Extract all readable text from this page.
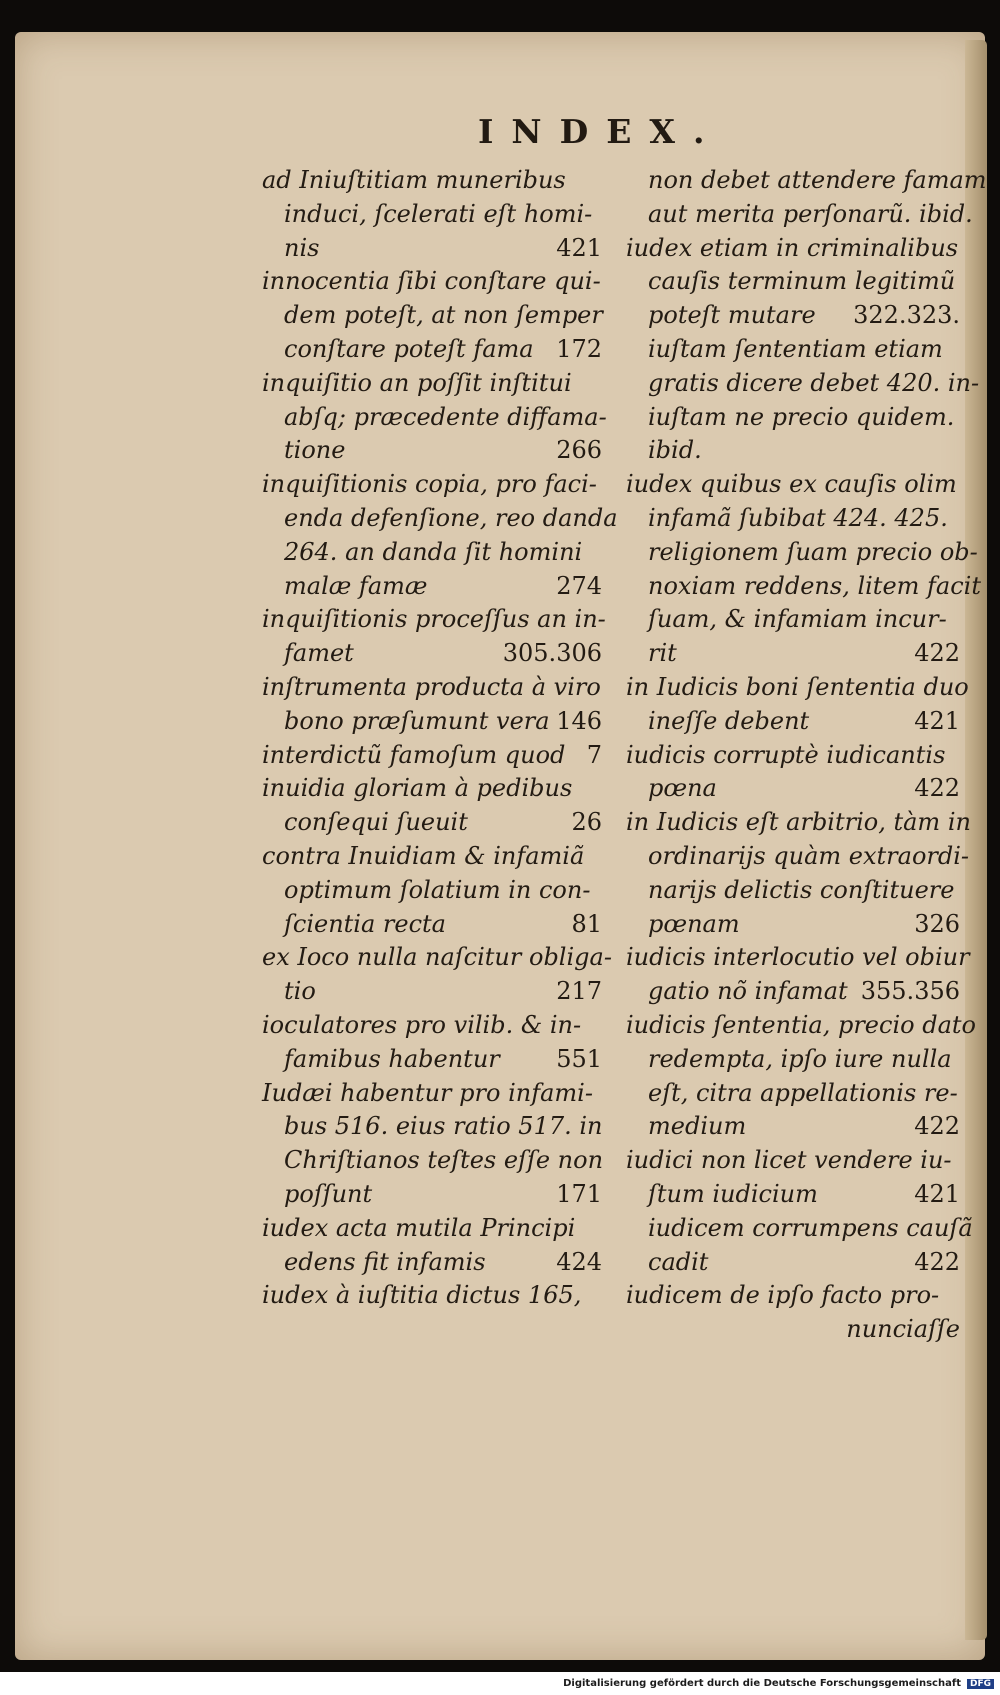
INDEX.
ad Iniuſtitiam muneribus
induci, ſcelerati eſt homi-
nis	421
innocentia ſibi conſtare qui-
dem poteſt, at non ſemper
conſtare poteſt fama 172
inquiſitio an poſſit inſtitui
abſq; præcedente diffama-
tione	266
inquiſitionis copia, pro faci-
enda defenſione, reo danda
264. an danda ſit homini
malæ famæ	274
inquiſitionis proceſſus an in-
famet	305.306
inſtrumenta producta à viro
bono præſumunt vera 146
interdictũ famoſum quod 7
inuidia gloriam à pedibus
conſequi ſueuit	26
contra Inuidiam & infamiã
optimum ſolatium in con-
ſcientia recta	81
ex Ioco nulla naſcitur obliga-
tio	217
ioculatores pro vilib. & in-
famibus habentur 551
Iudæi habentur pro infami-
bus 516. eius ratio 517. in
Chriſtianos teſtes eſſe non
poſſunt	171
iudex acta mutila Principi
edens fit infamis	424
iudex à iuſtitia dictus 165,
non debet attendere famam
aut merita perſonarũ. ibid.
iudex etiam in criminalibus
cauſis terminum legitimũ
poteſt mutare 322.323.
iuſtam ſententiam etiam
gratis dicere debet 420. in-
iuſtam ne precio quidem.
ibid.
iudex quibus ex cauſis olim
infamã ſubibat 424. 425.
religionem ſuam precio ob-
noxiam reddens, litem facit
ſuam, & infamiam incur-
rit	422
in Iudicis boni ſententia duo
ineſſe debent	421
iudicis corruptè iudicantis
pœna	422
in Iudicis eſt arbitrio, tàm in
ordinarijs quàm extraordi-
narijs delictis conſtituere
pœnam	326
iudicis interlocutio vel obiur
gatio nõ infamat 355.356
iudicis ſententia, precio dato
redempta, ipſo iure nulla
eſt, citra appellationis re-
medium	422
iudici non licet vendere iu-
ſtum iudicium	421
iudicem corrumpens cauſã
cadit	422
iudicem de ipſo facto pro-
nunciaſſe
Digitalisierung gefördert durch die Deutsche Forschungsgemeinschaft DFG
